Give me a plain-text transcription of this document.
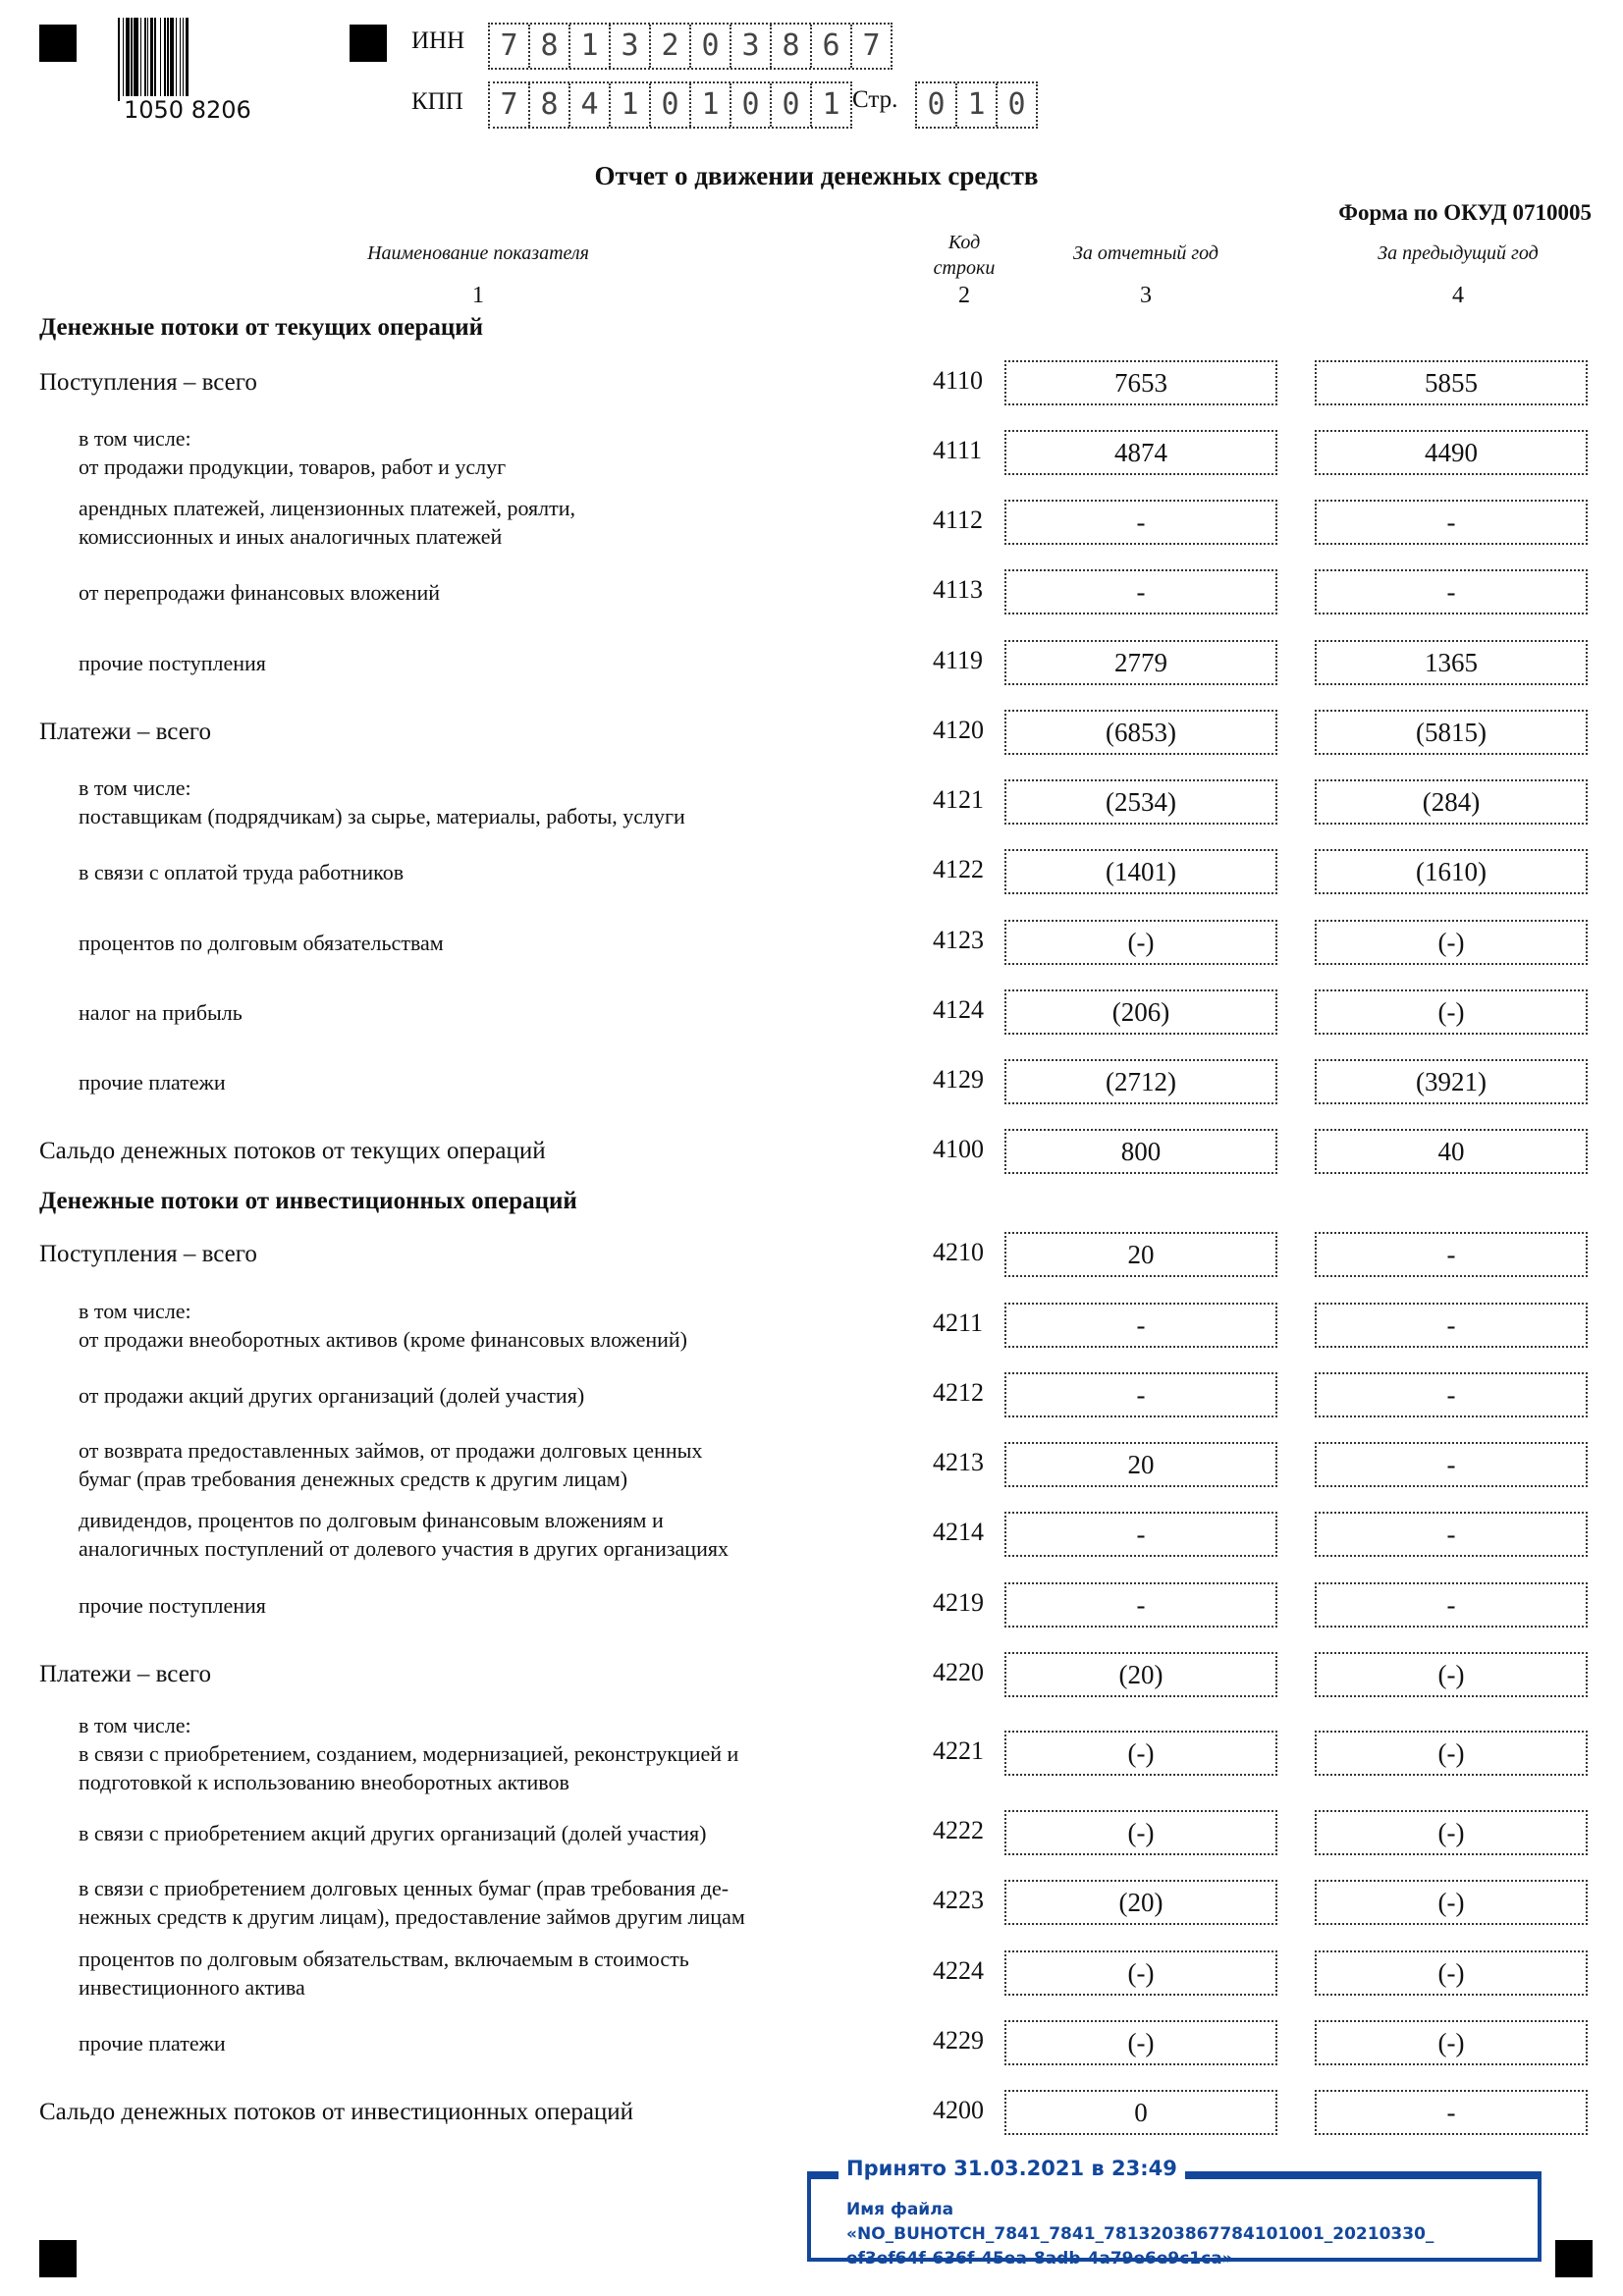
1050 8206
ИНН	7 8 1 3 2 0 3 8 6 7
КПП	7 8 4 1 0 1 0 0 1 Стр.	0 1 0
Отчет о движении денежных средств
Форма по ОКУД 0710005
Наименование показателя	Код
строки
За отчетный год	За предыдущий год
1	2	3	4
Денежные потоки от текущих операций
Денежные потоки от инвестиционных операций
Поступления – всего	4110	7653	5855
в том числе:
от продажи продукции, товаров, работ и услуг
4111	4874	4490
арендных платежей, лицензионных платежей, роялти,
комиссионных и иных аналогичных платежей
4112	-	-
от перепродажи финансовых вложений	4113	-	-
прочие поступления	4119	2779	1365
Платежи – всего	4120	(6853)	(5815)
в том числе:
поставщикам (подрядчикам) за сырье, материалы, работы, услуги
4121	(2534)	(284)
в связи с оплатой труда работников	4122	(1401)	(1610)
процентов по долговым обязательствам	4123	(-)	(-)
налог на прибыль	4124	(206)	(-)
прочие платежи	4129	(2712)	(3921)
Сальдо денежных потоков от текущих операций	4100	800	40
Поступления – всего	4210	20	-
в том числе:
от продажи внеоборотных активов (кроме финансовых вложений)
4211	-	-
от продажи акций других организаций (долей участия)	4212	-	-
от возврата предоставленных займов, от продажи долговых ценных
бумаг (прав требования денежных средств к другим лицам)
4213	20	-
дивидендов, процентов по долговым финансовым вложениям и
аналогичных поступлений от долевого участия в других организациях
4214	-	-
прочие поступления	4219	-	-
Платежи – всего	4220	(20)	(-)
в том числе:
в связи с приобретением, созданием, модернизацией, реконструкцией и
подготовкой к использованию внеоборотных активов
4221	(-)	(-)
в связи с приобретением акций других организаций (долей участия)	4222	(-)	(-)
в связи с приобретением долговых ценных бумаг (прав требования де-
нежных средств к другим лицам), предоставление займов другим лицам
4223	(20)	(-)
процентов по долговым обязательствам, включаемым в стоимость
инвестиционного актива
4224	(-)	(-)
прочие платежи	4229	(-)	(-)
Сальдо денежных потоков от инвестиционных операций	4200	0	-
Принято 31.03.2021 в 23:49
Имя файла «NO_BUHOTCH_7841_7841_7813203867784101001_20210330_
ef3ef64f-636f-45ea-8adb-4a79e6e9c1ca»
